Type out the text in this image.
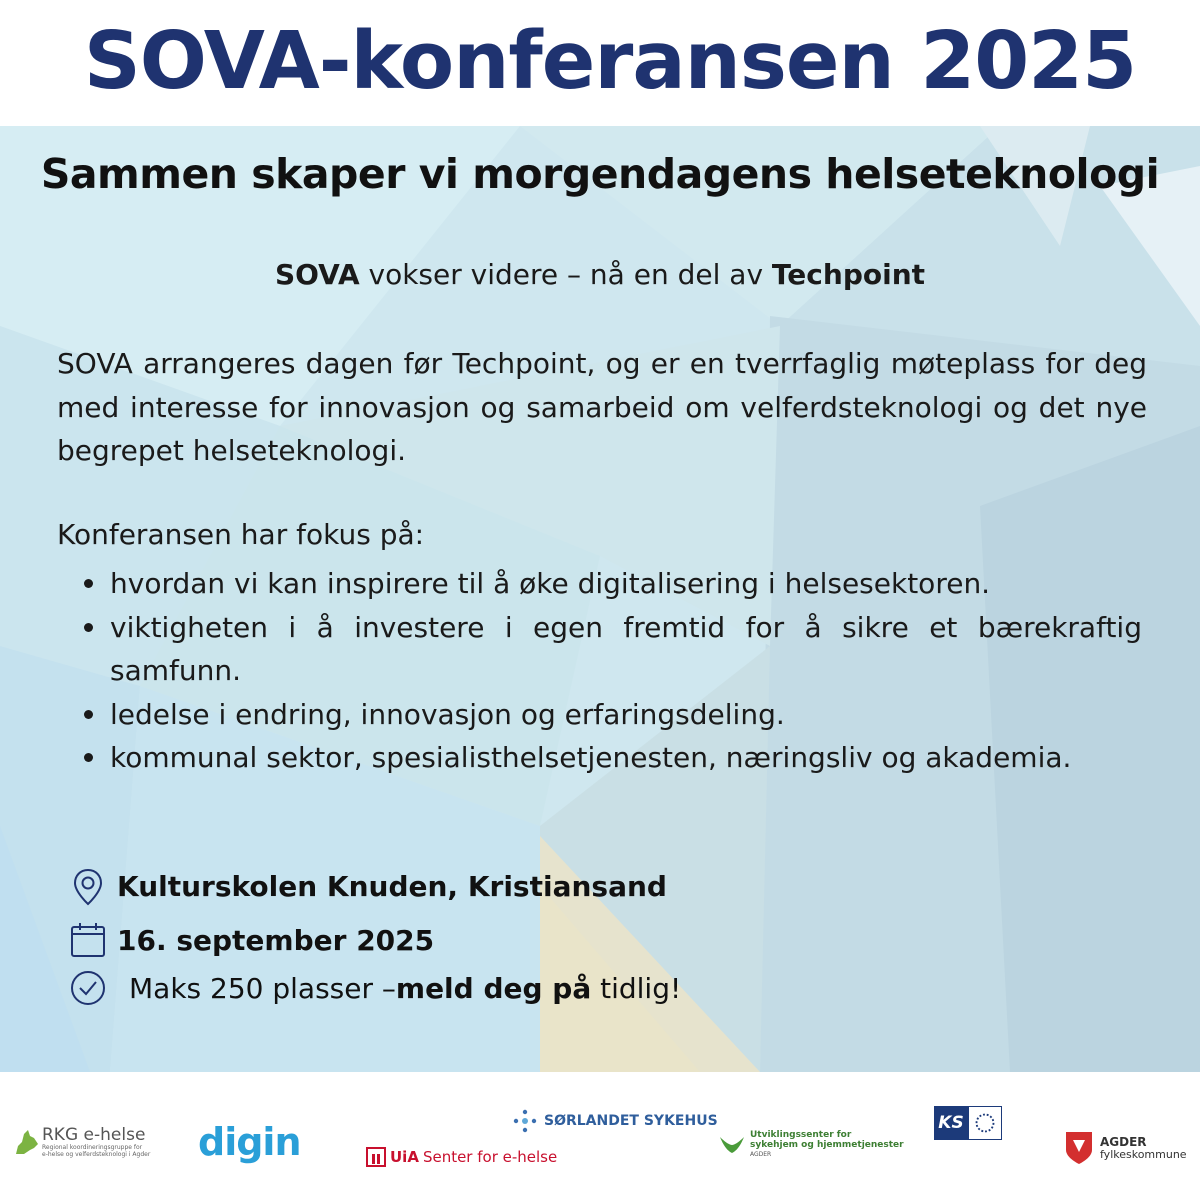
SOVA-konferansen 2025
Sammen skaper vi morgendagens helseteknologi
SOVA vokser videre – nå en del av Techpoint
SOVA arrangeres dagen før Techpoint, og er en tverrfaglig møteplass for deg med interesse for innovasjon og samarbeid om velferdsteknologi og det nye begrepet helseteknologi.
Konferansen har fokus på:
hvordan vi kan inspirere til å øke digitalisering i helsesektoren.
viktigheten i å investere i egen fremtid for å sikre et bærekraftig samfunn.
ledelse i endring, innovasjon og erfaringsdeling.
kommunal sektor, spesialisthelsetjenesten, næringsliv og akademia.
Kulturskolen Knuden, Kristiansand
16. september 2025
Maks 250 plasser – meld deg på tidlig!
RKG e-helse
Regional koordineringsgruppe for
e-helse og velferdsteknologi i Agder digin	SØRLANDET SYKEHUS
UiA Senter for e-helse
Utviklingssenter for
sykehjem og hjemmetjenester
AGDER
KS
AGDER
fylkeskommune
